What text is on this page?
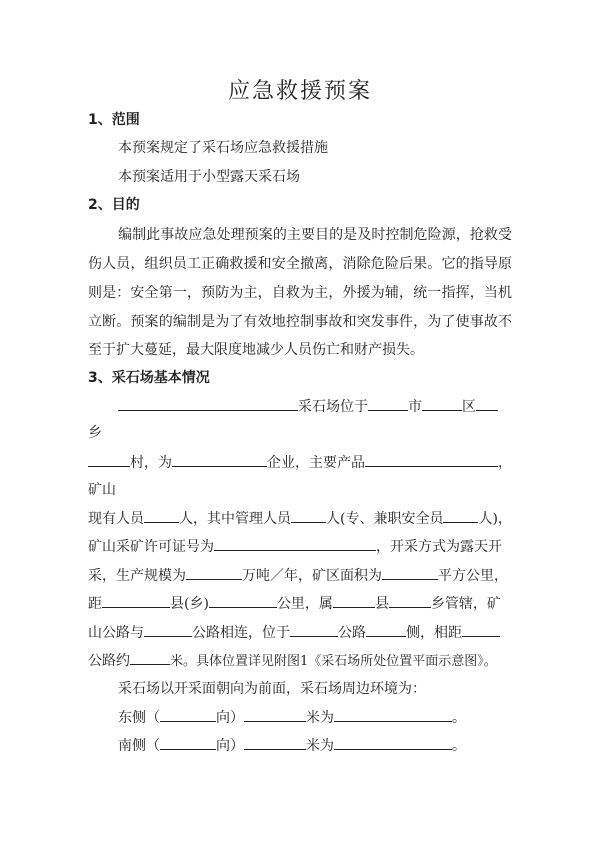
应急救援预案
1、范围
本预案规定了采石场应急救援措施
本预案适用于小型露天采石场
2、目的
编制此事故应急处理预案的主要目的是及时控制危险源，抢救受
伤人员，组织员工正确救援和安全撤离，消除危险后果。它的指导原
则是：安全第一，预防为主，自救为主，外援为辅，统一指挥，当机
立断。预案的编制是为了有效地控制事故和突发事件，为了使事故不
至于扩大蔓延，最大限度地减少人员伤亡和财产损失。
3、采石场基本情况
采石场位于	市	区
乡
村，为	企业，主要产品	，
矿山
现有人员	人，其中管理人员	人(专、兼职安全员	人)，
矿山采矿许可证号为	，开采方式为露天开
采，生产规模为	万吨／年，矿区面积为	平方公里，
距	县(乡)	公里，属	县	乡管辖，矿
山公路与	公路相连，位于	公路	侧，相距
公路约	米。具体位置详见附图1《采石场所处位置平面示意图》。
采石场以开采面朝向为前面，采石场周边环境为：
东侧（	向）	米为	。
南侧（	向）	米为	。
